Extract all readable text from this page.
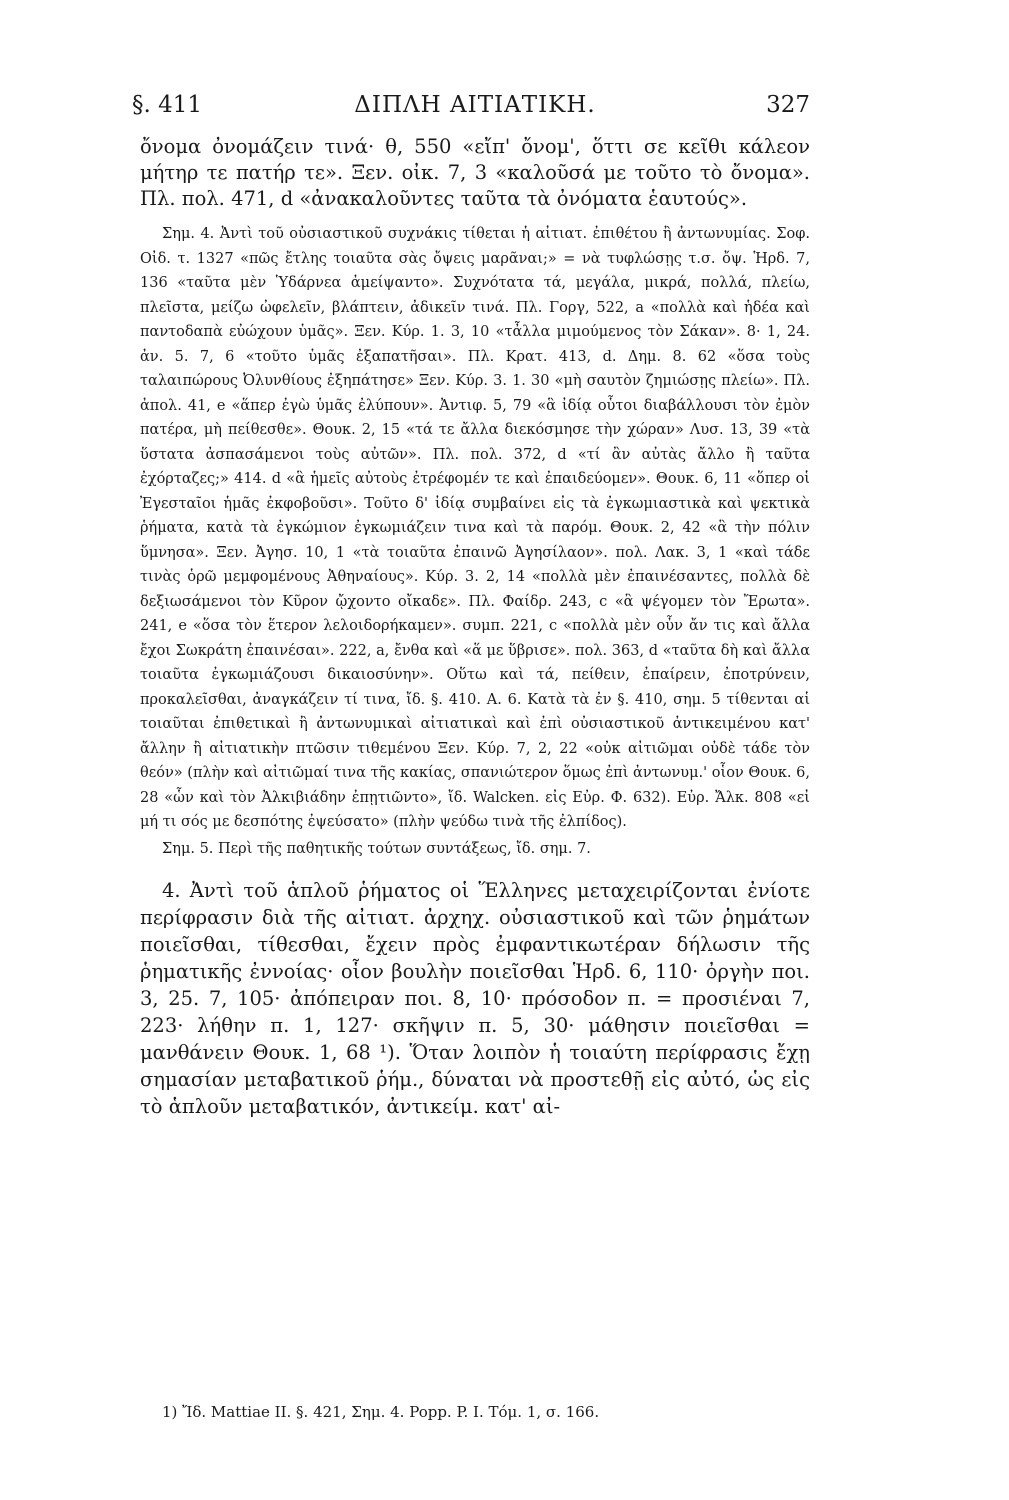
§. 411	ΔΙΠΛΗ ΑΙΤΙΑΤΙΚΗ.	327

ὄνομα ὀνομάζειν τινά· θ, 550 «εἴπ' ὄνομ', ὅττι σε κεῖθι κάλεον μήτηρ τε πατήρ τε». Ξεν. οἰκ. 7, 3 «καλοῦσά με τοῦτο τὸ ὄνομα». Πλ. πολ. 471, d «ἀνακαλοῦντες ταῦτα τὰ ὀνόματα ἑαυτούς».

Σημ. 4. Ἀντὶ τοῦ οὐσιαστικοῦ συχνάκις τίθεται ἡ αἰτιατ. ἐπιθέτου ἢ ἀντωνυμίας. Σοφ. Οἰδ. τ. 1327 «πῶς ἔτλης τοιαῦτα σὰς ὄψεις μαρᾶναι;» = νὰ τυφλώσῃς τ.σ. ὄψ. Ἡρδ. 7, 136 «ταῦτα μὲν Ὑδάρνεα ἀμείψαντο». Συχνότατα τά, μεγάλα, μικρά, πολλά, πλείω, πλεῖστα, μείζω ὠφελεῖν, βλάπτειν, ἀδικεῖν τινά. Πλ. Γοργ, 522, a «πολλὰ καὶ ἡδέα καὶ παντοδαπὰ εὐώχουν ὑμᾶς». Ξεν. Κύρ. 1. 3, 10 «τἆλλα μιμούμενος τὸν Σάκαν». 8· 1, 24. ἀν. 5. 7, 6 «τοῦτο ὑμᾶς ἐξαπατῆσαι». Πλ. Κρατ. 413, d. Δημ. 8. 62 «ὅσα τοὺς ταλαιπώρους Ὀλυνθίους ἐξηπάτησε» Ξεν. Κύρ. 3. 1. 30 «μὴ σαυτὸν ζημιώσῃς πλείω». Πλ. ἀπολ. 41, e «ἅπερ ἐγὼ ὑμᾶς ἐλύπουν». Ἀντιφ. 5, 79 «ἃ ἰδίᾳ οὗτοι διαβάλλουσι τὸν ἐμὸν πατέρα, μὴ πείθεσθε». Θουκ. 2, 15 «τά τε ἄλλα διεκόσμησε τὴν χώραν» Λυσ. 13, 39 «τὰ ὕστατα ἀσπασάμενοι τοὺς αὐτῶν». Πλ. πολ. 372, d «τί ἂν αὐτὰς ἄλλο ἢ ταῦτα ἐχόρταζες;» 414. d «ἃ ἡμεῖς αὐτοὺς ἐτρέφομέν τε καὶ ἐπαιδεύομεν». Θουκ. 6, 11 «ὅπερ οἱ Ἐγεσταῖοι ἡμᾶς ἐκφοβοῦσι». Τοῦτο δ' ἰδίᾳ συμβαίνει εἰς τὰ ἐγκωμιαστικὰ καὶ ψεκτικὰ ῥήματα, κατὰ τὰ ἐγκώμιον ἐγκωμιάζειν τινα καὶ τὰ παρόμ. Θουκ. 2, 42 «ἃ τὴν πόλιν ὕμνησα». Ξεν. Ἀγησ. 10, 1 «τὰ τοιαῦτα ἐπαινῶ Ἀγησίλαον». πολ. Λακ. 3, 1 «καὶ τάδε τινὰς ὁρῶ μεμφομένους Ἀθηναίους». Κύρ. 3. 2, 14 «πολλὰ μὲν ἐπαινέσαντες, πολλὰ δὲ δεξιωσάμενοι τὸν Κῦρον ᾤχοντο οἴκαδε». Πλ. Φαίδρ. 243, c «ἃ ψέγομεν τὸν Ἔρωτα». 241, e «ὅσα τὸν ἕτερον λελοιδορήκαμεν». συμπ. 221, c «πολλὰ μὲν οὖν ἄν τις καὶ ἄλλα ἔχοι Σωκράτη ἐπαινέσαι». 222, a, ἔνθα καὶ «ἅ με ὕβρισε». πολ. 363, d «ταῦτα δὴ καὶ ἄλλα τοιαῦτα ἐγκωμιάζουσι δικαιοσύνην». Οὕτω καὶ τά, πείθειν, ἐπαίρειν, ἐποτρύνειν, προκαλεῖσθαι, ἀναγκάζειν τί τινα, ἴδ. §. 410. Α. 6. Κατὰ τὰ ἐν §. 410, σημ. 5 τίθενται αἱ τοιαῦται ἐπιθετικαὶ ἢ ἀντωνυμικαὶ αἰτιατικαὶ καὶ ἐπὶ οὐσιαστικοῦ ἀντικειμένου κατ' ἄλλην ἢ αἰτιατικὴν πτῶσιν τιθεμένου Ξεν. Κύρ. 7, 2, 22 «οὐκ αἰτιῶμαι οὐδὲ τάδε τὸν θεόν» (πλὴν καὶ αἰτιῶμαί τινα τῆς κακίας, σπανιώτερον ὅμως ἐπὶ ἀντωνυμ.' οἷον Θουκ. 6, 28 «ὧν καὶ τὸν Ἀλκιβιάδην ἐπῃτιῶντο», ἴδ. Walcken. εἰς Εὐρ. Φ. 632). Εὐρ. Ἄλκ. 808 «εἰ μή τι σός με δεσπότης ἐψεύσατο» (πλὴν ψεύδω τινὰ τῆς ἐλπίδος).

Σημ. 5. Περὶ τῆς παθητικῆς τούτων συντάξεως, ἴδ. σημ. 7.

4. Ἀντὶ τοῦ ἁπλοῦ ῥήματος οἱ Ἕλληνες μεταχειρίζονται ἐνίοτε περίφρασιν διὰ τῆς αἰτιατ. ἀρχηχ. οὐσιαστικοῦ καὶ τῶν ῥημάτων ποιεῖσθαι, τίθεσθαι, ἔχειν πρὸς ἐμφαντικωτέραν δήλωσιν τῆς ῥηματικῆς ἐννοίας· οἷον βουλὴν ποιεῖσθαι Ἡρδ. 6, 110· ὀργὴν ποι. 3, 25. 7, 105· ἀπόπειραν ποι. 8, 10· πρόσοδον π. = προσιέναι 7, 223· λήθην π. 1, 127· σκῆψιν π. 5, 30· μάθησιν ποιεῖσθαι = μανθάνειν Θουκ. 1, 68 ¹). Ὅταν λοιπὸν ἡ τοιαύτη περίφρασις ἔχῃ σημασίαν μεταβατικοῦ ῥήμ., δύναται νὰ προστεθῇ εἰς αὐτό, ὡς εἰς τὸ ἁπλοῦν μεταβατικόν, ἀντικείμ. κατ' αἰ-

1) Ἴδ. Mattiae II. §. 421, Σημ. 4. Popp. P. I. Τόμ. 1, σ. 166.
